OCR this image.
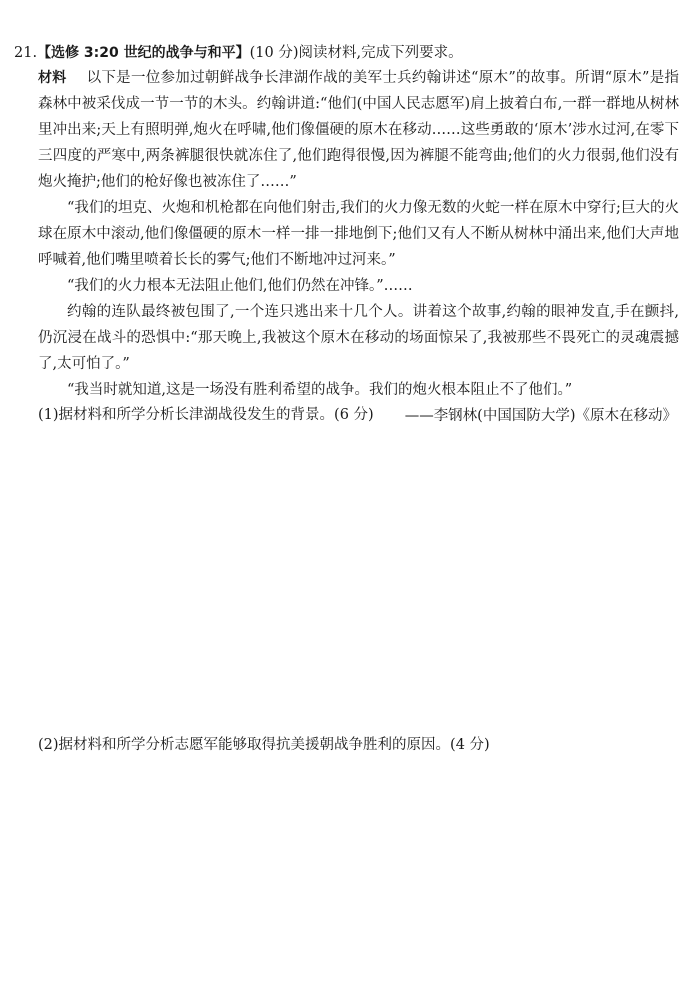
21.【选修 3:20 世纪的战争与和平】(10 分)阅读材料,完成下列要求。

材料 以下是一位参加过朝鲜战争长津湖作战的美军士兵约翰讲述“原木”的故事。所谓“原木”是指森林中被采伐成一节一节的木头。约翰讲道:“他们(中国人民志愿军)肩上披着白布,一群一群地从树林里冲出来;天上有照明弹,炮火在呼啸,他们像僵硬的原木在移动……这些勇敢的‘原木’涉水过河,在零下三四度的严寒中,两条裤腿很快就冻住了,他们跑得很慢,因为裤腿不能弯曲;他们的火力很弱,他们没有炮火掩护;他们的枪好像也被冻住了……”

“我们的坦克、火炮和机枪都在向他们射击,我们的火力像无数的火蛇一样在原木中穿行;巨大的火球在原木中滚动,他们像僵硬的原木一样一排一排地倒下;他们又有人不断从树林中涌出来,他们大声地呼喊着,他们嘴里喷着长长的雾气;他们不断地冲过河来。”

“我们的火力根本无法阻止他们,他们仍然在冲锋。”……

约翰的连队最终被包围了,一个连只逃出来十几个人。讲着这个故事,约翰的眼神发直,手在颤抖,仍沉浸在战斗的恐惧中:“那天晚上,我被这个原木在移动的场面惊呆了,我被那些不畏死亡的灵魂震撼了,太可怕了。”

“我当时就知道,这是一场没有胜利希望的战争。我们的炮火根本阻止不了他们。”

——李钢林(中国国防大学)《原木在移动》

(1)据材料和所学分析长津湖战役发生的背景。(6 分)
(2)据材料和所学分析志愿军能够取得抗美援朝战争胜利的原因。(4 分)
